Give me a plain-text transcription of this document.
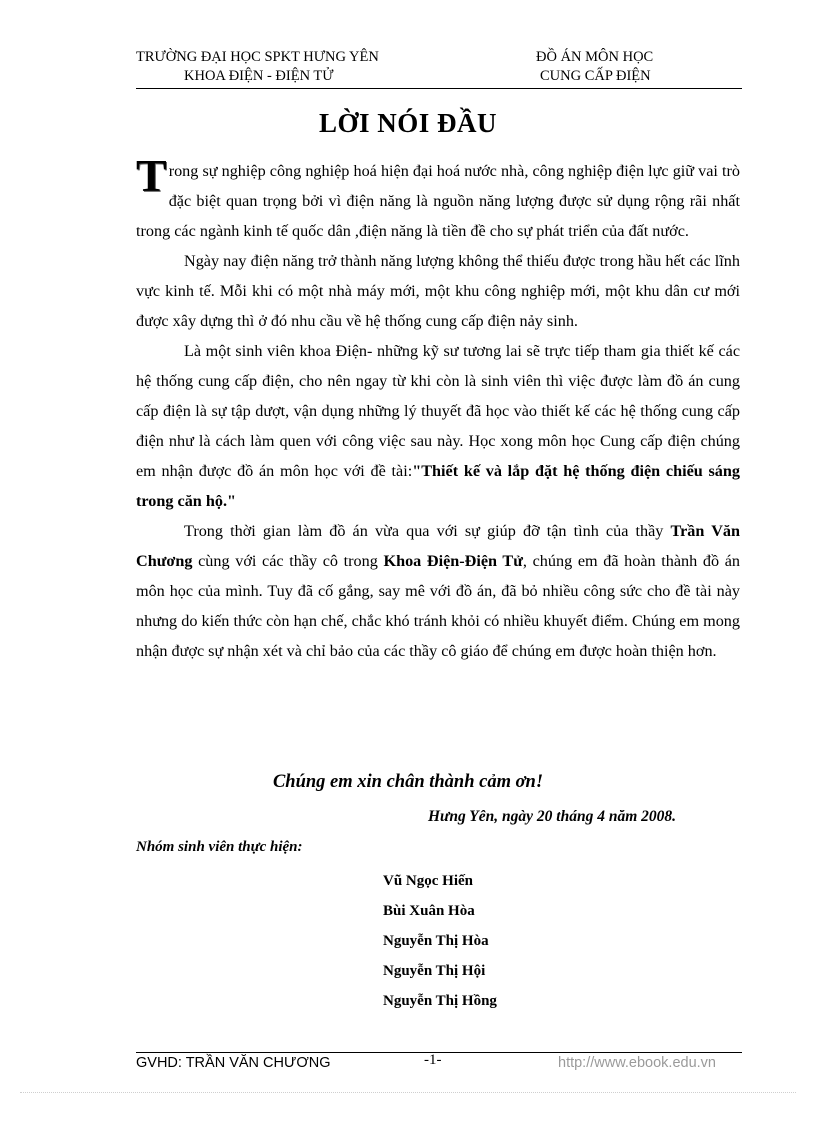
TRƯỜNG ĐẠI HỌC SPKT HƯNG YÊN
KHOA ĐIỆN - ĐIỆN TỬ
ĐỒ ÁN MÔN HỌC
CUNG CẤP ĐIỆN
LỜI NÓI ĐẦU

Trong sự nghiệp công nghiệp hoá hiện đại hoá nước nhà, công nghiệp điện lực giữ vai trò đặc biệt quan trọng bởi vì điện năng là nguồn năng lượng được sử dụng rộng rãi nhất trong các ngành kinh tế quốc dân ,điện năng là tiền đề cho sự phát triển của đất nước.

Ngày nay điện năng trở thành năng lượng không thể thiếu được trong hầu hết các lĩnh vực kinh tế. Mỗi khi có một nhà máy mới, một khu công nghiệp mới, một khu dân cư mới được xây dựng thì ở đó nhu cầu về hệ thống cung cấp điện nảy sinh.

Là một sinh viên khoa Điện- những kỹ sư tương lai sẽ trực tiếp tham gia thiết kế các hệ thống cung cấp điện, cho nên ngay từ khi còn là sinh viên thì việc được làm đồ án cung cấp điện là sự tập dượt, vận dụng những lý thuyết đã học vào thiết kế các hệ thống cung cấp điện như là cách làm quen với công việc sau này. Học xong môn học Cung cấp điện chúng em nhận được đồ án môn học với đề tài:"Thiết kế và lắp đặt hệ thống điện chiếu sáng trong căn hộ."

Trong thời gian làm đồ án vừa qua với sự giúp đỡ tận tình của thầy Trần Văn Chương cùng với các thầy cô trong Khoa Điện-Điện Tử, chúng em đã hoàn thành đồ án môn học của mình. Tuy đã cố gắng, say mê với đồ án, đã bỏ nhiều công sức cho đề tài này nhưng do kiến thức còn hạn chế, chắc khó tránh khỏi có nhiều khuyết điểm. Chúng em mong nhận được sự nhận xét và chỉ bảo của các thầy cô giáo để chúng em được hoàn thiện hơn.

Chúng em xin chân thành cảm ơn!
Hưng Yên, ngày 20 tháng 4 năm 2008.
Nhóm sinh viên thực hiện:
Vũ Ngọc Hiến
Bùi Xuân Hòa
Nguyễn Thị Hòa
Nguyễn Thị Hội
Nguyễn Thị Hồng
GVHD: TRẦN VĂN CHƯƠNG	-1-	http://www.ebook.edu.vn
